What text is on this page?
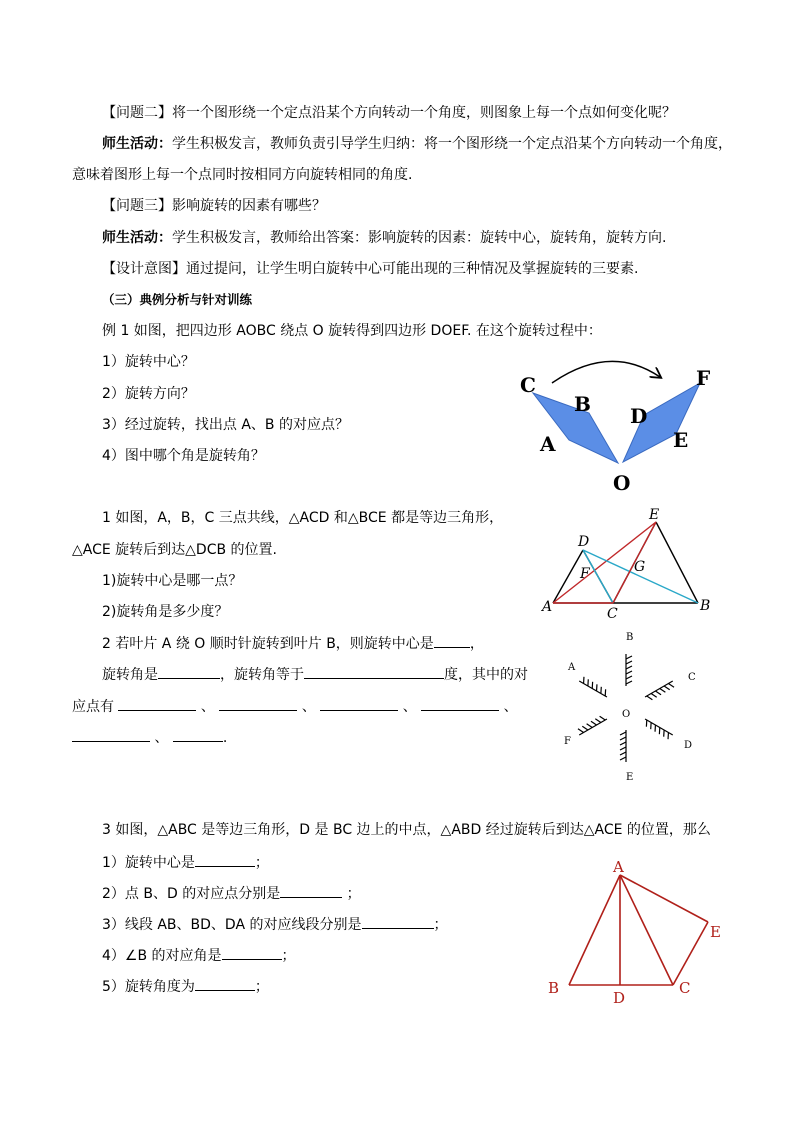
【问题二】将一个图形绕一个定点沿某个方向转动一个角度，则图象上每一个点如何变化呢？
师生活动：学生积极发言，教师负责引导学生归纳：将一个图形绕一个定点沿某个方向转动一个角度，
意味着图形上每一个点同时按相同方向旋转相同的角度.
【问题三】影响旋转的因素有哪些？
师生活动：学生积极发言，教师给出答案：影响旋转的因素：旋转中心，旋转角，旋转方向.
【设计意图】通过提问，让学生明白旋转中心可能出现的三种情况及掌握旋转的三要素.
（三）典例分析与针对训练
例 1 如图，把四边形 AOBC 绕点 O 旋转得到四边形 DOEF. 在这个旋转过程中：
1）旋转中心？
2）旋转方向？
3）经过旋转，找出点 A、B 的对应点？
4）图中哪个角是旋转角？
1 如图，A，B，C 三点共线，△ACD 和△BCE 都是等边三角形，
△ACE 旋转后到达△DCB 的位置.
1)旋转中心是哪一点？
2)旋转角是多少度？
2 若叶片 A 绕 O 顺时针旋转到叶片 B，则旋转中心是	，
旋转角是	，旋转角等于	度，其中的对
应点有	、	、	、	、
、	.
3 如图，△ABC 是等边三角形，D 是 BC 边上的中点，△ABD 经过旋转后到达△ACE 的位置，那么
1）旋转中心是	；
2）点 B、D 的对应点分别是	；
3）线段 AB、BD、DA 的对应线段分别是	；
4）∠B 的对应角是	；
5）旋转角度为	；
C
B
A
D
F
E
O
E
D
F	G
A	C	B
A
B
C
D
E
F
O
A
B
D
C
E
